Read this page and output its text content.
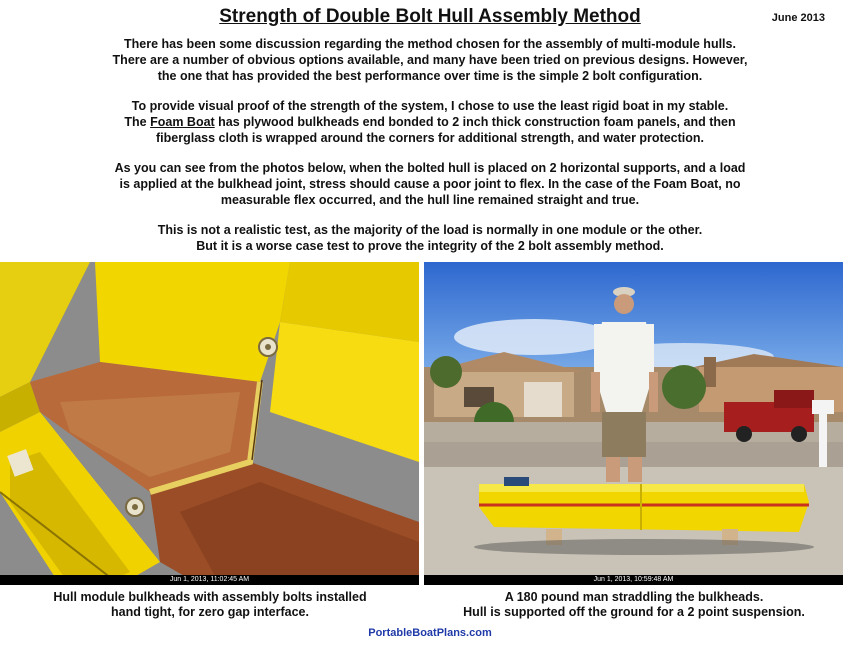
Strength of Double Bolt Hull Assembly Method	June 2013
There has been some discussion regarding the method chosen for the assembly of multi-module hulls.
There are a number of obvious options available, and many have been tried on previous designs. However,
the one that has provided the best performance over time is the simple 2 bolt configuration.
To provide visual proof of the strength of the system, I chose to use the least rigid boat in my stable.
The Foam Boat has plywood bulkheads end bonded to 2 inch thick construction foam panels, and then
fiberglass cloth is wrapped around the corners for additional strength, and water protection.
As you can see from the photos below, when the bolted hull is placed on 2 horizontal supports, and a load
is applied at the bulkhead joint, stress should cause a poor joint to flex. In the case of the Foam Boat, no
measurable flex occurred, and the hull line remained straight and true.
This is not a realistic test, as the majority of the load is normally in one module or the other.
But it is a worse case test to prove the integrity of the 2 bolt assembly method.
Jun 1, 2013, 11:02:45 AM	Jun 1, 2013, 10:59:48 AM
Hull module bulkheads with assembly bolts installed
hand tight, for zero gap interface.
A 180 pound man straddling the bulkheads.
Hull is supported off the ground for a 2 point suspension.
PortableBoatPlans.com
